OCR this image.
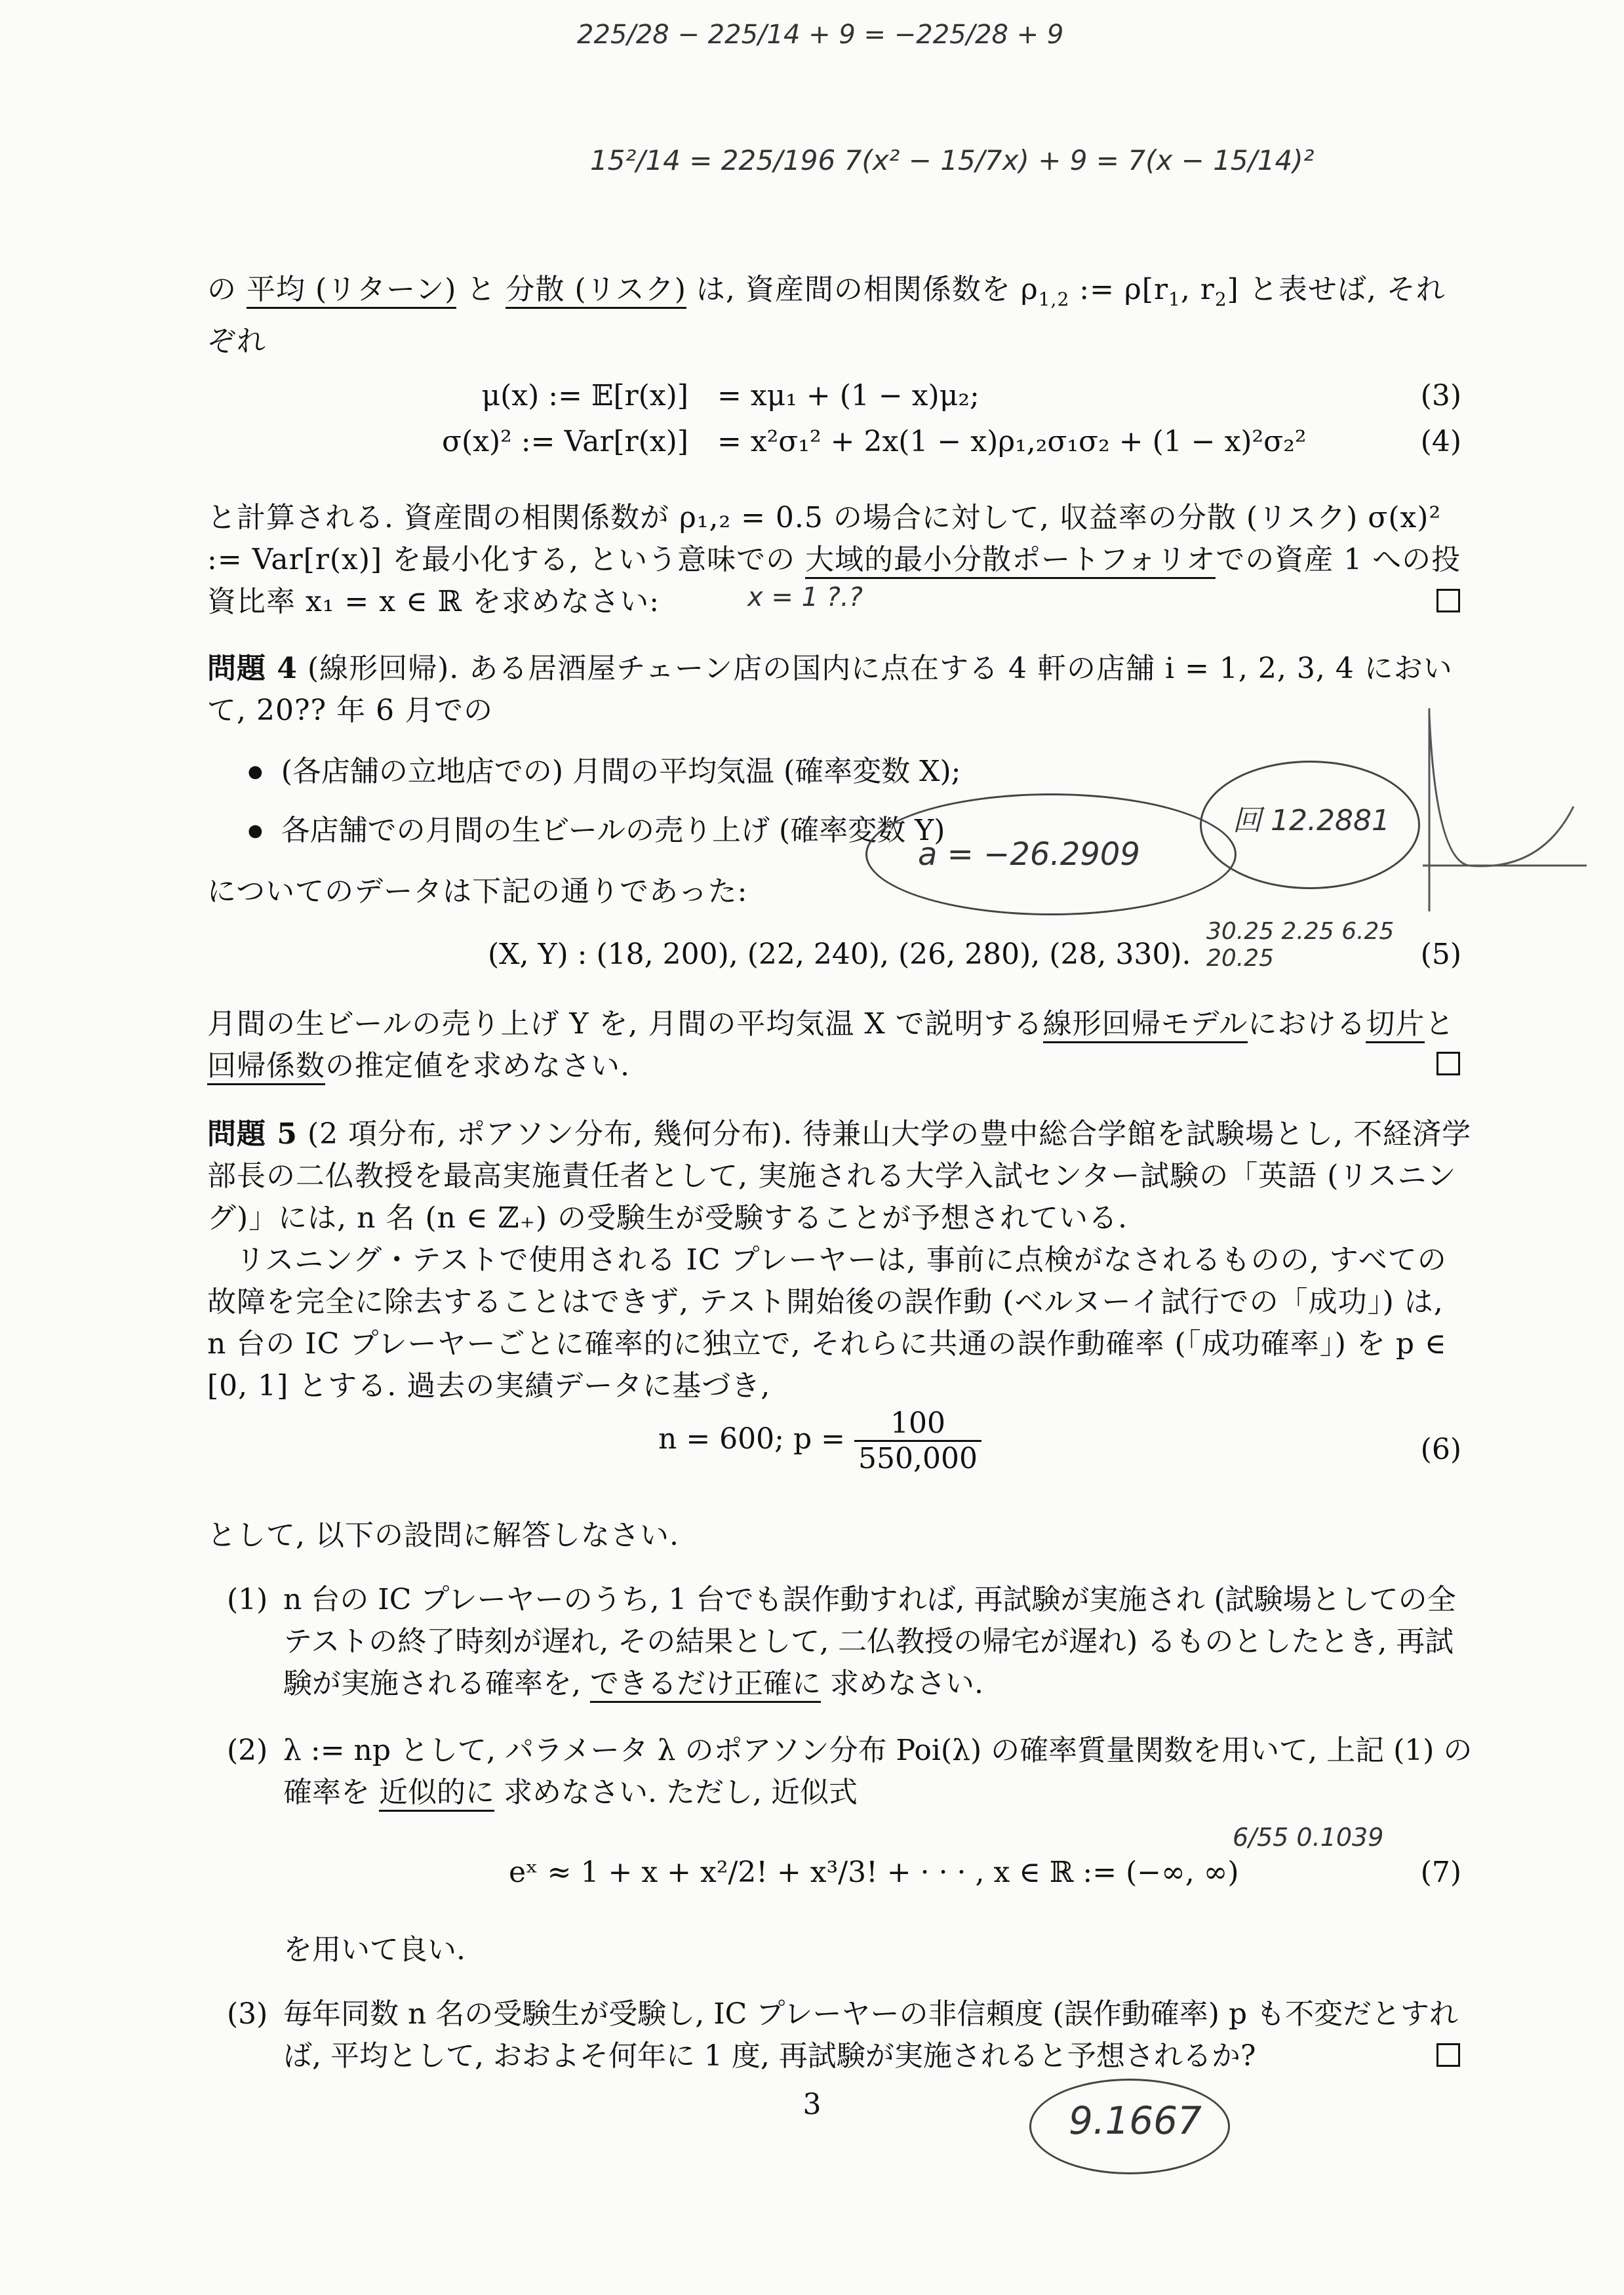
225/28 − 225/14 + 9 = −225/28 + 9
15²/14 = 225/196 7(x² − 15/7x) + 9 = 7(x − 15/14)²
の 平均 (リターン) と 分散 (リスク) は, 資産間の相関係数を $\rho_{1,2}$ := $\rho[r_1$, $r_2$] と表せば, それぞれ
μ(x) := 𝔼[r(x)] = xμ₁ + (1 − x)μ₂;	(3)
σ(x)² := Var[r(x)] = x²σ₁² + 2x(1 − x)ρ₁,₂σ₁σ₂ + (1 − x)²σ₂²	(4)
と計算される. 資産間の相関係数が ρ₁,₂ = 0.5 の場合に対して, 収益率の分散 (リスク) σ(x)² := Var[r(x)] を最小化する, という意味での 大域的最小分散ポートフォリオでの資産 1 への投資比率 x₁ = x ∈ ℝ を求めなさい:	x = 1 ?.?
問題 4 (線形回帰). ある居酒屋チェーン店の国内に点在する 4 軒の店舗 i = 1, 2, 3, 4 において, 20?? 年 6 月での
● (各店舗の立地店での) 月間の平均気温 (確率変数 X);
● 各店舗での月間の生ビールの売り上げ (確率変数 Y)
についてのデータは下記の通りであった:
(X, Y) : (18, 200), (22, 240), (26, 280), (28, 330).	(5)
a = −26.2909
回 12.2881
30.25 2.25 6.25 20.25
月間の生ビールの売り上げ Y を, 月間の平均気温 X で説明する線形回帰モデルにおける切片と 回帰係数の推定値を求めなさい.
問題 5 (2 項分布, ポアソン分布, 幾何分布). 待兼山大学の豊中総合学館を試験場とし, 不経済学部長の二仏教授を最高実施責任者として, 実施される大学入試センター試験の「英語 (リスニング)」には, n 名 (n ∈ ℤ₊) の受験生が受験することが予想されている.
リスニング・テストで使用される IC プレーヤーは, 事前に点検がなされるものの, すべての故障を完全に除去することはできず, テスト開始後の誤作動 (ベルヌーイ試行での「成功」) は, n 台の IC プレーヤーごとに確率的に独立で, それらに共通の誤作動確率 (「成功確率」) を p ∈ [0, 1] とする. 過去の実績データに基づき,
n = 600; $p = \frac{100}{550,000}$	(6)
として, 以下の設問に解答しなさい.
(1) n 台の IC プレーヤーのうち, 1 台でも誤作動すれば, 再試験が実施され (試験場としての全テストの終了時刻が遅れ, その結果として, 二仏教授の帰宅が遅れ) るものとしたとき, 再試験が実施される確率を, できるだけ正確に 求めなさい.
(2) λ := np として, パラメータ λ のポアソン分布 Poi(λ) の確率質量関数を用いて, 上記 (1) の確率を 近似的に 求めなさい. ただし, 近似式
eˣ ≈ 1 + x + x²/2! + x³/3! + · · · , x ∈ ℝ := (−∞, ∞)	(7)
6/55 0.1039
を用いて良い.
(3) 毎年同数 n 名の受験生が受験し, IC プレーヤーの非信頼度 (誤作動確率) p も不変だとすれば, 平均として, おおよそ何年に 1 度, 再試験が実施されると予想されるか?
3	9.1667
